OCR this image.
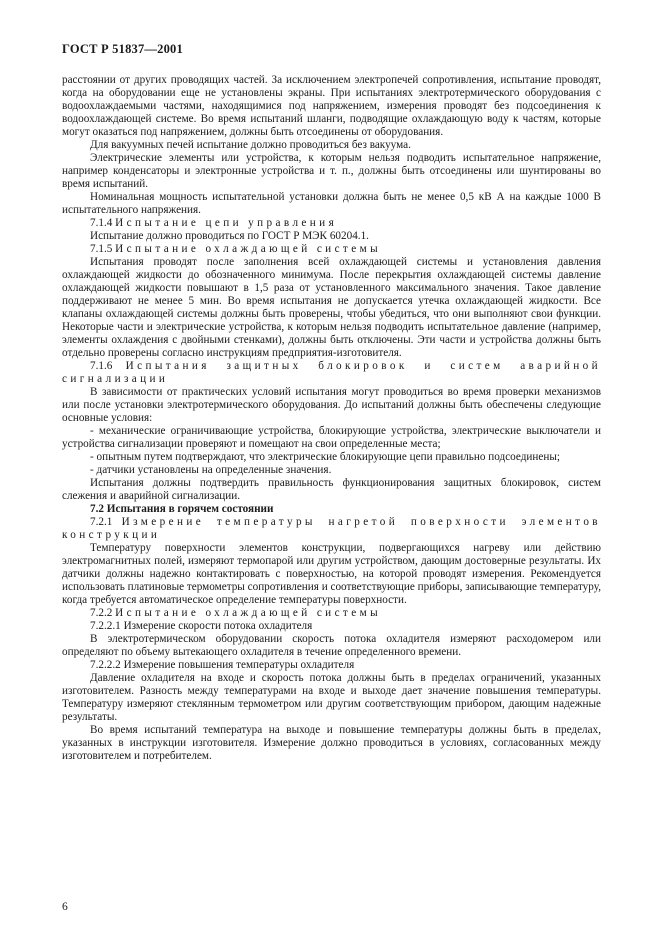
ГОСТ Р 51837—2001

расстоянии от других проводящих частей. За исключением электропечей сопротивления, испытание проводят, когда на оборудовании еще не установлены экраны. При испытаниях электротермического оборудования с водоохлаждаемыми частями, находящимися под напряжением, измерения проводят без подсоединения к водоохлаждающей системе. Во время испытаний шланги, подводящие охлаждающую воду к частям, которые могут оказаться под напряжением, должны быть отсоединены от оборудования.

Для вакуумных печей испытание должно проводиться без вакуума.

Электрические элементы или устройства, к которым нельзя подводить испытательное напряжение, например конденсаторы и электронные устройства и т. п., должны быть отсоединены или шунтированы во время испытаний.

Номинальная мощность испытательной установки должна быть не менее 0,5 кВ А на каждые 1000 В испытательного напряжения.

7.1.4 Испытание цепи управления

Испытание должно проводиться по ГОСТ Р МЭК 60204.1.

7.1.5 Испытание охлаждающей системы

Испытания проводят после заполнения всей охлаждающей системы и установления давления охлаждающей жидкости до обозначенного минимума. После перекрытия охлаждающей системы давление охлаждающей жидкости повышают в 1,5 раза от установленного максимального значения. Такое давление поддерживают не менее 5 мин. Во время испытания не допускается утечка охлаждающей жидкости. Все клапаны охлаждающей системы должны быть проверены, чтобы убедиться, что они выполняют свои функции. Некоторые части и электрические устройства, к которым нельзя подводить испытательное давление (например, элементы охлаждения с двойными стенками), должны быть отключены. Эти части и устройства должны быть отдельно проверены согласно инструкциям предприятия-изготовителя.

7.1.6 Испытания защитных блокировок и систем аварийной сигнализации

В зависимости от практических условий испытания могут проводиться во время проверки механизмов или после установки электротермического оборудования. До испытаний должны быть обеспечены следующие основные условия:

- механические ограничивающие устройства, блокирующие устройства, электрические выключатели и устройства сигнализации проверяют и помещают на свои определенные места;

- опытным путем подтверждают, что электрические блокирующие цепи правильно подсоединены;

- датчики установлены на определенные значения.

Испытания должны подтвердить правильность функционирования защитных блокировок, систем слежения и аварийной сигнализации.

7.2 Испытания в горячем состоянии

7.2.1 Измерение температуры нагретой поверхности элементов конструкции

Температуру поверхности элементов конструкции, подвергающихся нагреву или действию электромагнитных полей, измеряют термопарой или другим устройством, дающим достоверные результаты. Их датчики должны надежно контактировать с поверхностью, на которой проводят измерения. Рекомендуется использовать платиновые термометры сопротивления и соответствующие приборы, записывающие температуру, когда требуется автоматическое определение температуры поверхности.

7.2.2 Испытание охлаждающей системы

7.2.2.1 Измерение скорости потока охладителя

В электротермическом оборудовании скорость потока охладителя измеряют расходомером или определяют по объему вытекающего охладителя в течение определенного времени.

7.2.2.2 Измерение повышения температуры охладителя

Давление охладителя на входе и скорость потока должны быть в пределах ограничений, указанных изготовителем. Разность между температурами на входе и выходе дает значение повышения температуры. Температуру измеряют стеклянным термометром или другим соответствующим прибором, дающим надежные результаты.

Во время испытаний температура на выходе и повышение температуры должны быть в пределах, указанных в инструкции изготовителя. Измерение должно проводиться в условиях, согласованных между изготовителем и потребителем.

6
